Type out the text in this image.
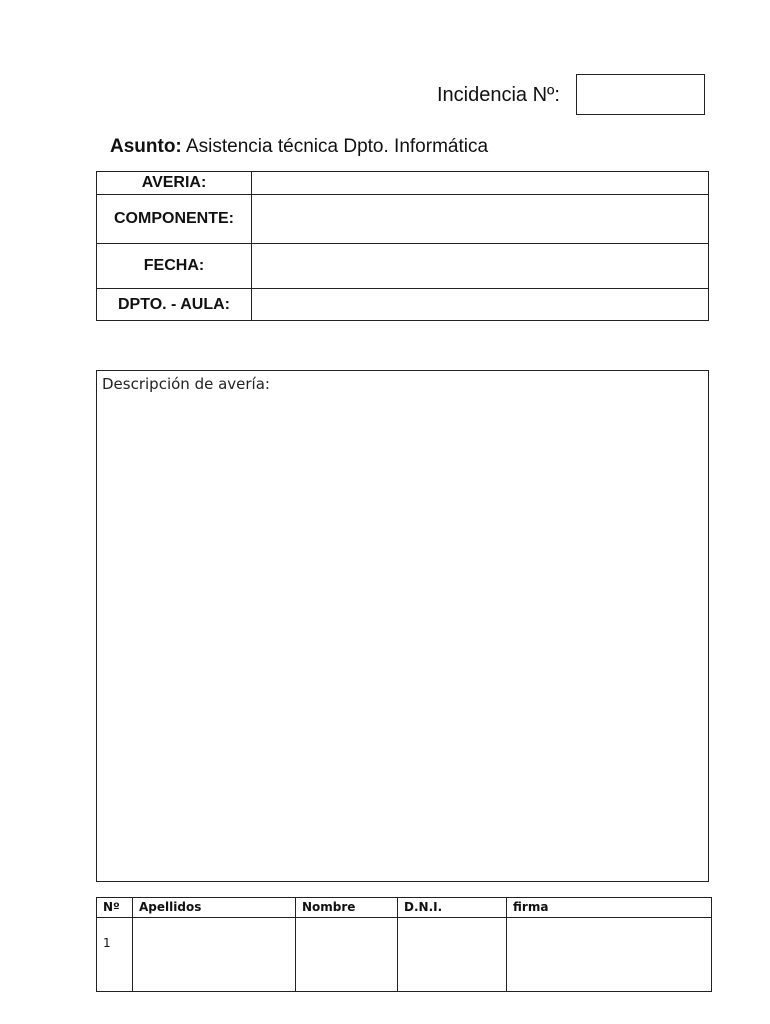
Incidencia Nº:
Asunto: Asistencia técnica Dpto. Informática
AVERIA:	
COMPONENTE:	
FECHA:	
DPTO. - AULA:	
Descripción de avería:
Nº	Apellidos	Nombre	D.N.I.	firma
1				
